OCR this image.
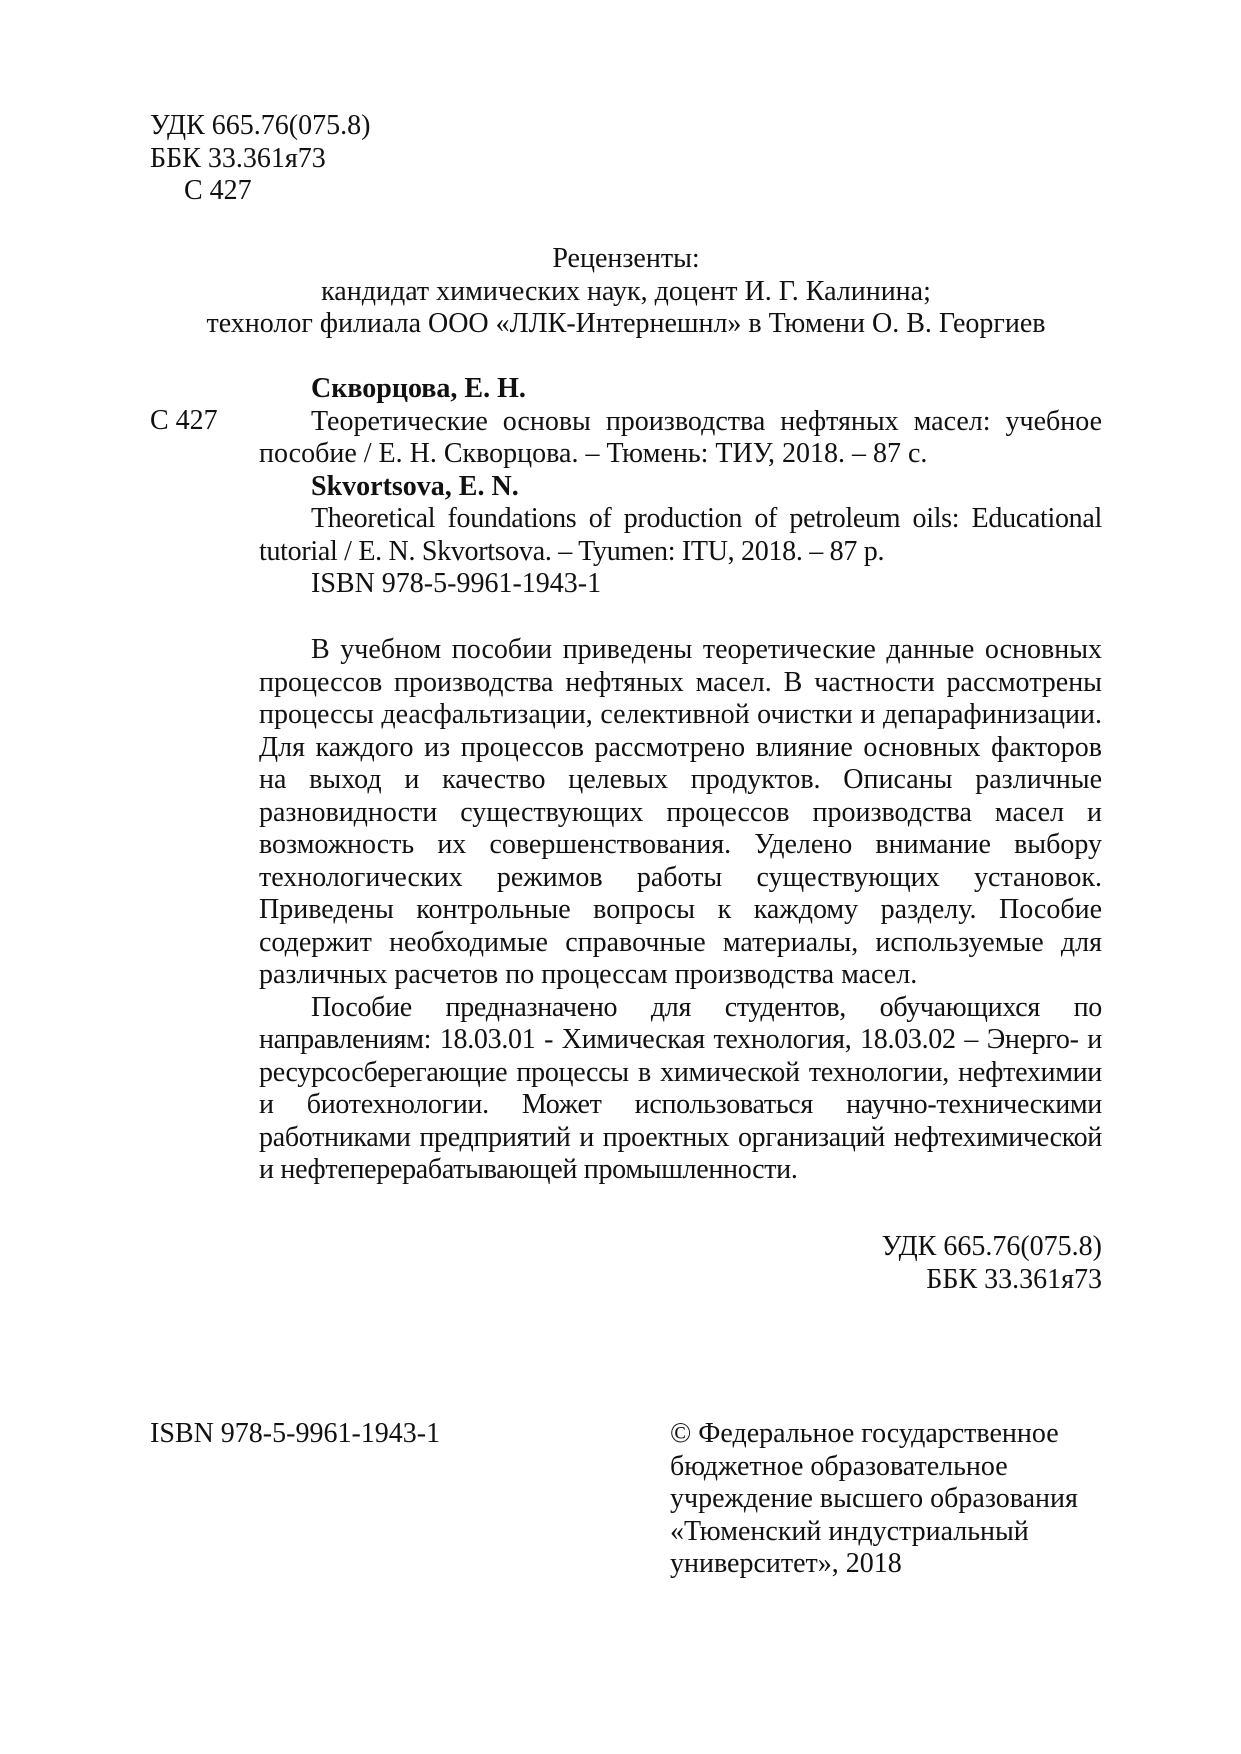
УДК 665.76(075.8)
ББК 33.361я73
С 427
Рецензенты:
кандидат химических наук, доцент И. Г. Калинина;
технолог филиала ООО «ЛЛК-Интернешнл» в Тюмени О. В. Георгиев
С 427
Скворцова, Е. Н.
Теоретические основы производства нефтяных масел: учебное пособие / Е. Н. Скворцова. – Тюмень: ТИУ, 2018. – 87 с.
Skvortsova, E. N.
Theoretical foundations of production of petroleum oils: Educational tutorial / E. N. Skvortsova. – Tyumen: ITU, 2018. – 87 p.
ISBN 978-5-9961-1943-1
В учебном пособии приведены теоретические данные основных процессов производства нефтяных масел. В частности рассмотрены процессы деасфальтизации, селективной очистки и депарафинизации. Для каждого из процессов рассмотрено влияние основных факторов на выход и качество целевых продуктов. Описаны различные разновидности существующих процессов производства масел и возможность их совершенствования. Уделено внимание выбору технологических режимов работы существующих установок. Приведены контрольные вопросы к каждому разделу. Пособие содержит необходимые справочные материалы, используемые для различных расчетов по процессам производства масел.
Пособие предназначено для студентов, обучающихся по направлениям: 18.03.01 - Химическая технология, 18.03.02 – Энерго- и ресурсосберегающие процессы в химической технологии, нефтехимии и биотехнологии. Может использоваться научно-техническими работниками предприятий и проектных организаций нефтехимической и нефтеперерабатывающей промышленности.
УДК 665.76(075.8)
ББК 33.361я73
ISBN 978-5-9961-1943-1	© Федеральное государственное
бюджетное образовательное
учреждение высшего образования
«Тюменский индустриальный
университет», 2018
